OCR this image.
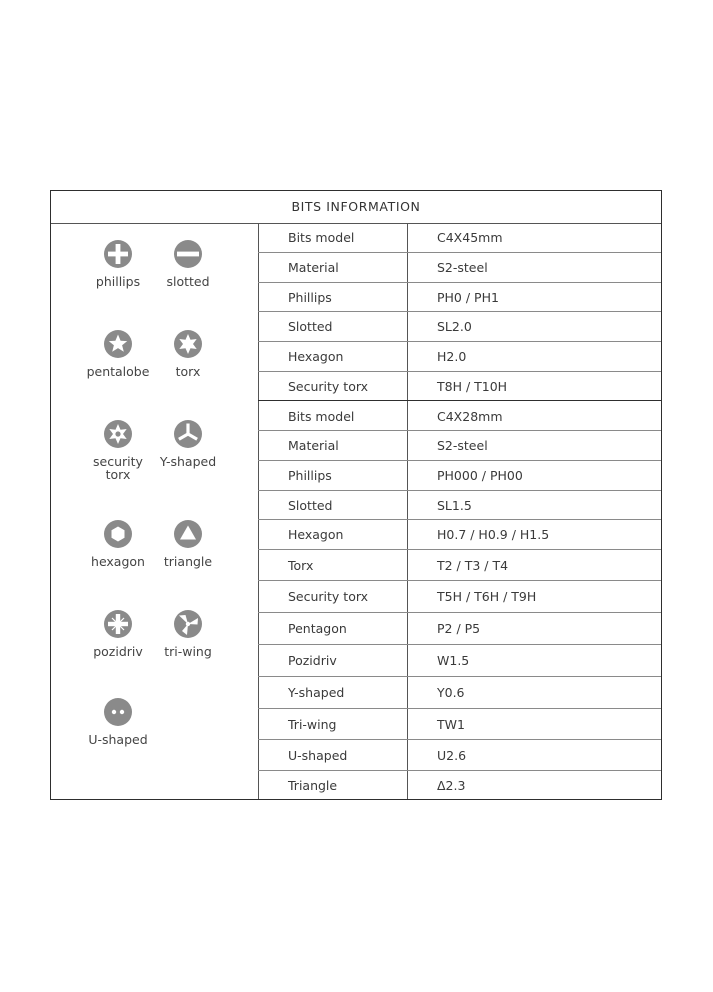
BITS INFORMATION
phillips	slotted
pentalobe	torx
security
torx
Y-shaped
hexagon	triangle
pozidriv	tri-wing
U-shaped
Bits model	C4X45mm
Material	S2-steel
Phillips	PH0 / PH1
Slotted	SL2.0
Hexagon	H2.0
Security torx	T8H / T10H
Bits model	C4X28mm
Material	S2-steel
Phillips	PH000 / PH00
Slotted	SL1.5
Hexagon	H0.7 / H0.9 / H1.5
Torx	T2 / T3 / T4
Security torx	T5H / T6H / T9H
Pentagon	P2 / P5
Pozidriv	W1.5
Y-shaped	Y0.6
Tri-wing	TW1
U-shaped	U2.6
Triangle	Δ2.3
